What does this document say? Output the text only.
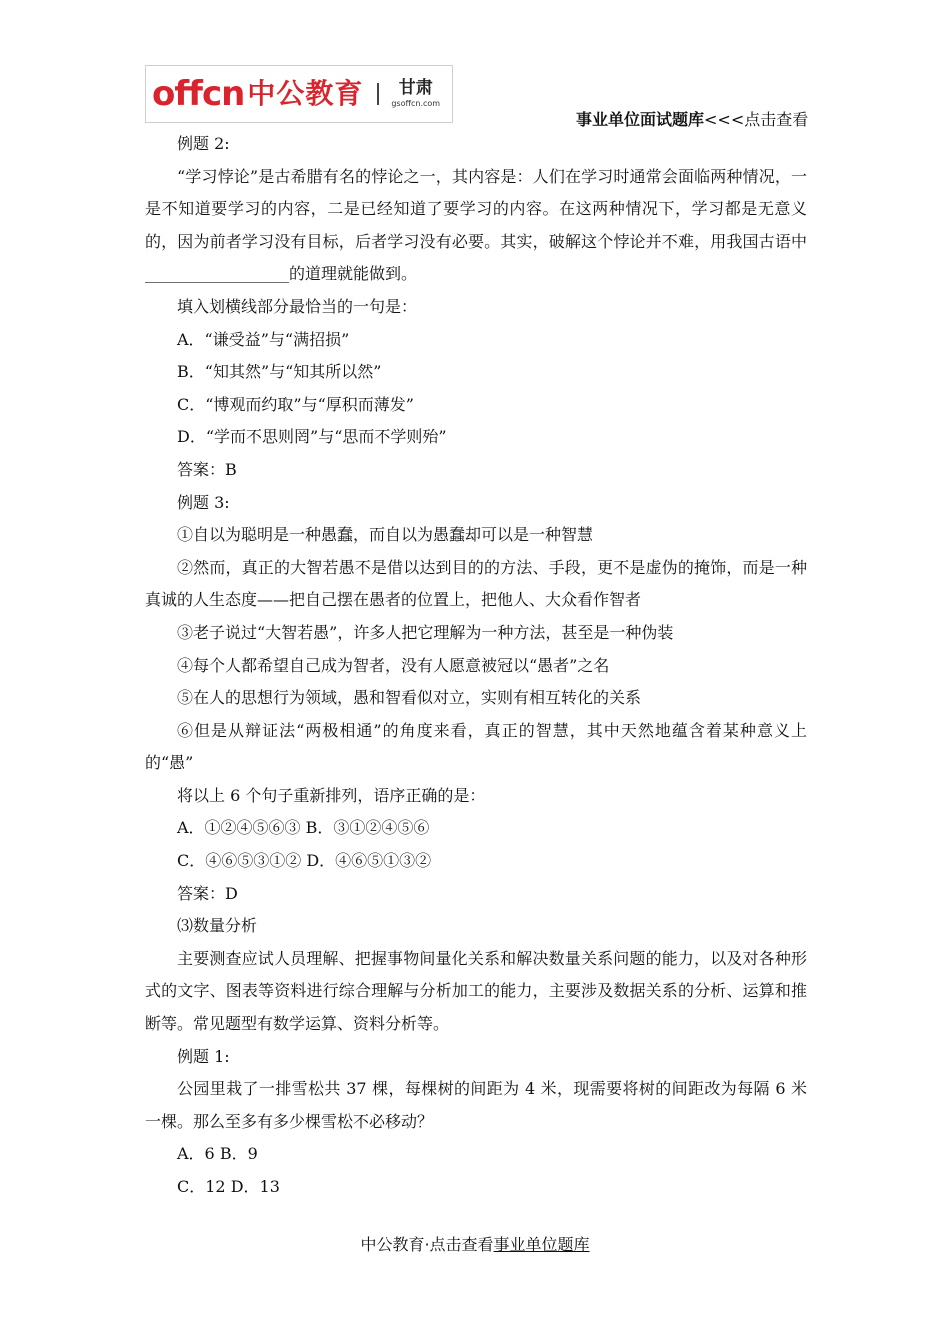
offcn 中公教育 甘肃
gsoffcn.com
事业单位面试题库<<<点击查看

例题 2:

“学习悖论”是古希腊有名的悖论之一，其内容是：人们在学习时通常会面临两种情况，一是不知道要学习的内容，二是已经知道了要学习的内容。在这两种情况下，学习都是无意义的，因为前者学习没有目标，后者学习没有必要。其实，破解这个悖论并不难，用我国古语中__________________的道理就能做到。

填入划横线部分最恰当的一句是：

A．“谦受益”与“满招损”

B．“知其然”与“知其所以然”

C．“博观而约取”与“厚积而薄发”

D．“学而不思则罔”与“思而不学则殆”

答案：B

例题 3:

①自以为聪明是一种愚蠢，而自以为愚蠢却可以是一种智慧

②然而，真正的大智若愚不是借以达到目的的方法、手段，更不是虚伪的掩饰，而是一种真诚的人生态度——把自己摆在愚者的位置上，把他人、大众看作智者

③老子说过“大智若愚”，许多人把它理解为一种方法，甚至是一种伪装

④每个人都希望自己成为智者，没有人愿意被冠以“愚者”之名

⑤在人的思想行为领域，愚和智看似对立，实则有相互转化的关系

⑥但是从辩证法“两极相通”的角度来看，真正的智慧，其中天然地蕴含着某种意义上的“愚”

将以上 6 个句子重新排列，语序正确的是：

A．①②④⑤⑥③ B．③①②④⑤⑥

C．④⑥⑤③①② D．④⑥⑤①③②

答案：D

⑶数量分析

主要测查应试人员理解、把握事物间量化关系和解决数量关系问题的能力，以及对各种形式的文字、图表等资料进行综合理解与分析加工的能力，主要涉及数据关系的分析、运算和推断等。常见题型有数学运算、资料分析等。

例题 1:

公园里栽了一排雪松共 37 棵，每棵树的间距为 4 米，现需要将树的间距改为每隔 6 米一棵。那么至多有多少棵雪松不必移动？

A．6 B．9

C．12 D．13

中公教育·点击查看事业单位题库
